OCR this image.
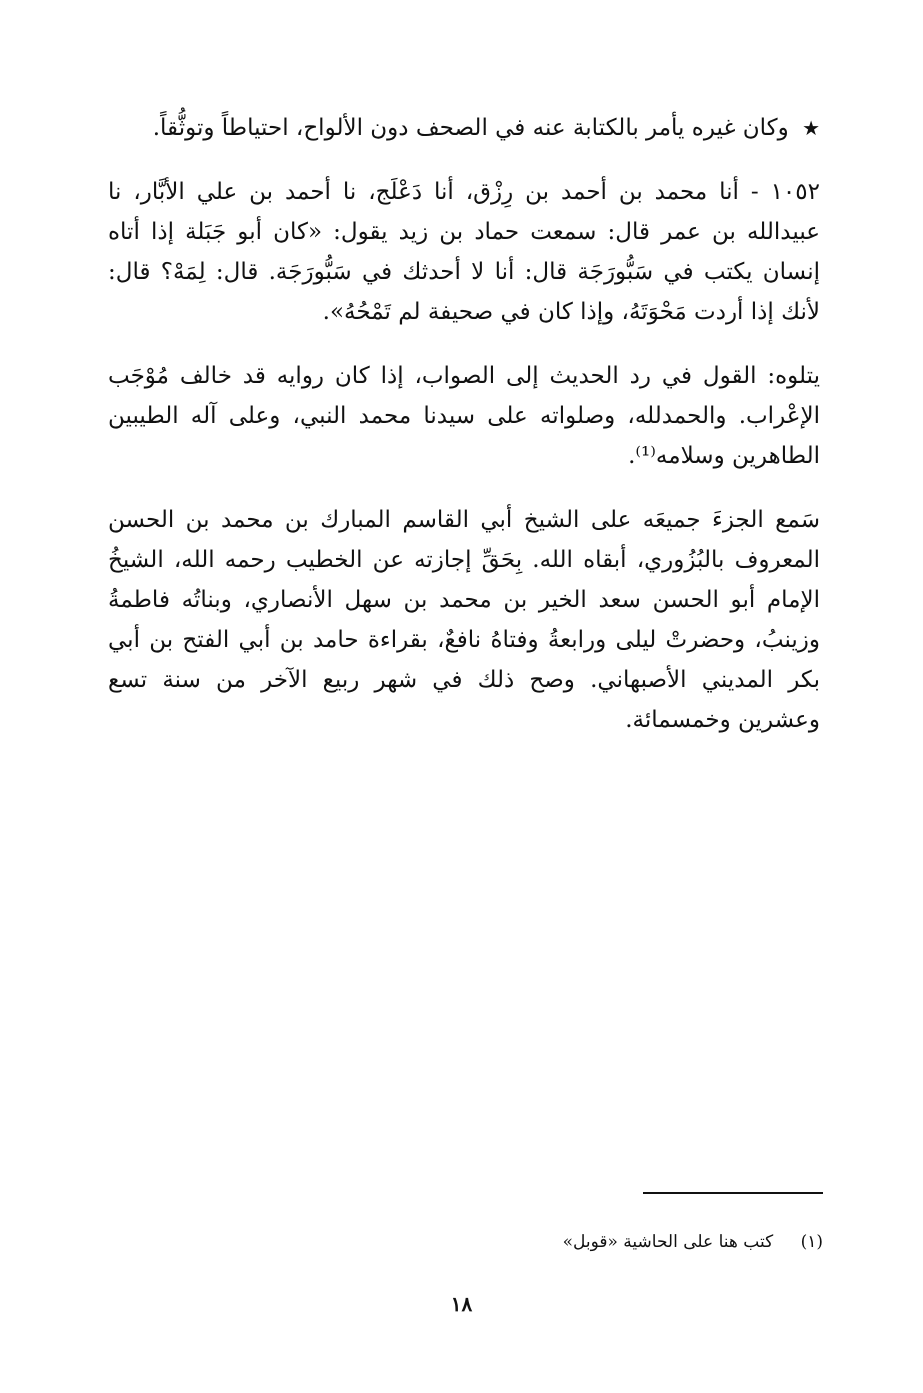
★ وكان غيره يأمر بالكتابة عنه في الصحف دون الألواح، احتياطاً وتوثُّقاً.

١٠٥٢ - أنا محمد بن أحمد بن رِزْق، أنا دَعْلَج، نا أحمد بن علي الأبَّار، نا عبيدالله بن عمر قال: سمعت حماد بن زيد يقول: «كان أبو جَبَلة إذا أتاه إنسان يكتب في سَبُّورَجَة قال: أنا لا أحدثك في سَبُّورَجَة. قال: لِمَهْ؟ قال: لأنك إذا أردت مَحْوَتَهُ، وإذا كان في صحيفة لم تَمْحُهُ».

يتلوه: القول في رد الحديث إلى الصواب، إذا كان روايه قد خالف مُوْجَب الإعْراب. والحمدلله، وصلواته على سيدنا محمد النبي، وعلى آله الطيبين الطاهرين وسلامه⁽¹⁾.

سَمع الجزءَ جميعَه على الشيخ أبي القاسم المبارك بن محمد بن الحسن المعروف بالبُزُوري، أبقاه الله. بِحَقِّ إجازته عن الخطيب رحمه الله، الشيخُ الإمام أبو الحسن سعد الخير بن محمد بن سهل الأنصاري، وبناتُه فاطمةُ وزينبُ، وحضرتْ ليلى ورابعةُ وفتاهُ نافعٌ، بقراءة حامد بن أبي الفتح بن أبي بكر المديني الأصبهاني. وصح ذلك في شهر ربيع الآخر من سنة تسع وعشرين وخمسمائة.

(١) كتب هنا على الحاشية «قوبل»
١٨
